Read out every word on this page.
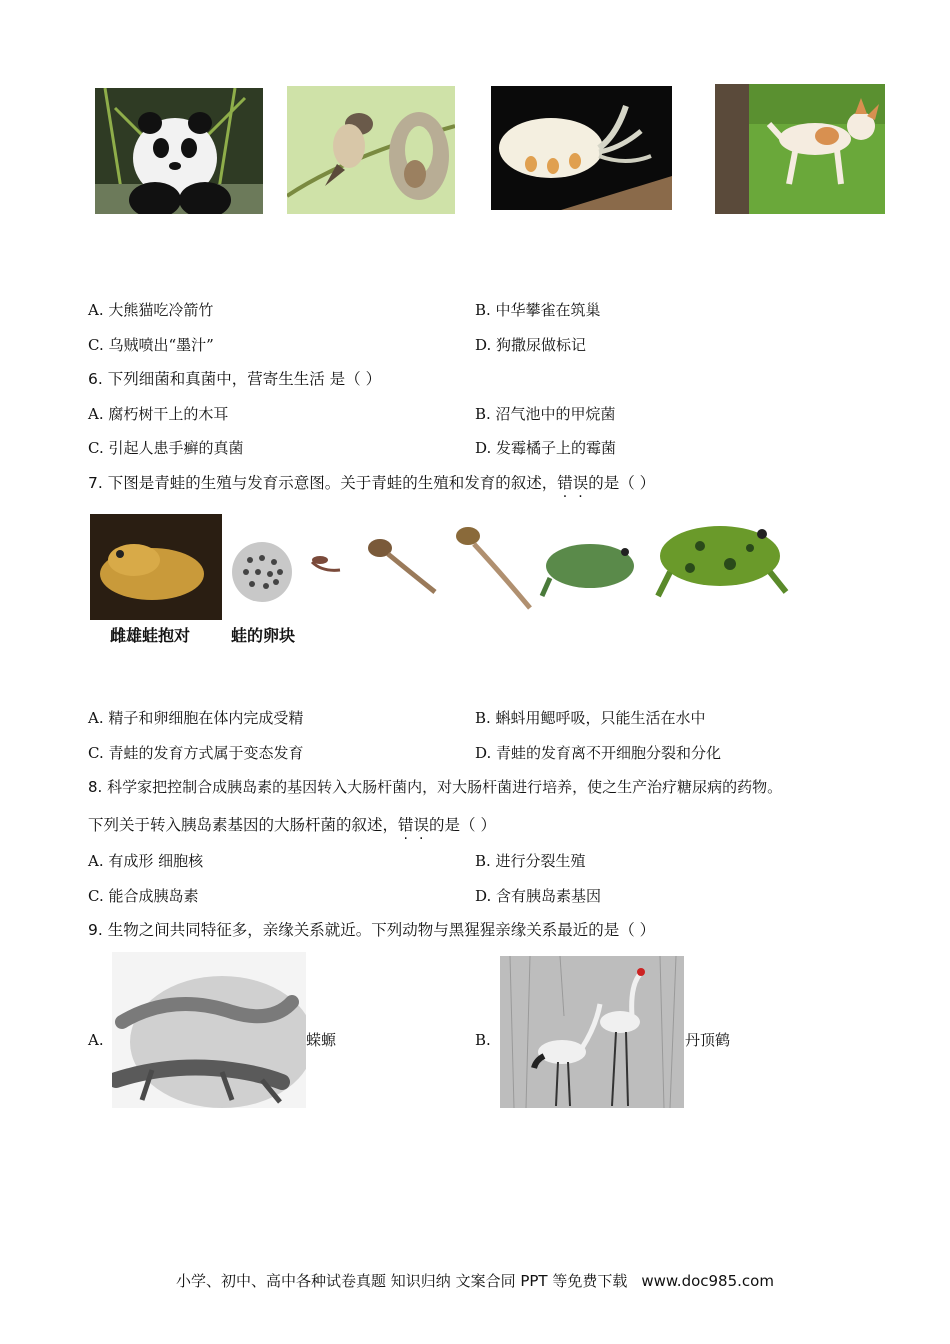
A. 大熊猫吃冷箭竹	B. 中华攀雀在筑巢
C. 乌贼喷出“墨汁”	D. 狗撒尿做标记
6. 下列细菌和真菌中，营寄生生活 是（ ）
A. 腐朽树干上的木耳	B. 沼气池中的甲烷菌
C. 引起人患手癣的真菌	D. 发霉橘子上的霉菌
7. 下图是青蛙的生殖与发育示意图。关于青蛙的生殖和发育的叙述，错误的是（ ）
雌雄蛙抱对	蛙的卵块
A. 精子和卵细胞在体内完成受精	B. 蝌蚪用鳃呼吸，只能生活在水中
C. 青蛙的发育方式属于变态发育	D. 青蛙的发育离不开细胞分裂和分化
8. 科学家把控制合成胰岛素的基因转入大肠杆菌内，对大肠杆菌进行培养，使之生产治疗糖尿病的药物。
下列关于转入胰岛素基因的大肠杆菌的叙述，错误的是（ ）
A. 有成形 细胞核	B. 进行分裂生殖
C. 能合成胰岛素	D. 含有胰岛素基因
9. 生物之间共同特征多，亲缘关系就近。下列动物与黑猩猩亲缘关系最近的是（ ）
A.	蝾螈	B.	丹顶鹤
小学、初中、高中各种试卷真题 知识归纳 文案合同 PPT 等免费下载 www.doc985.com
